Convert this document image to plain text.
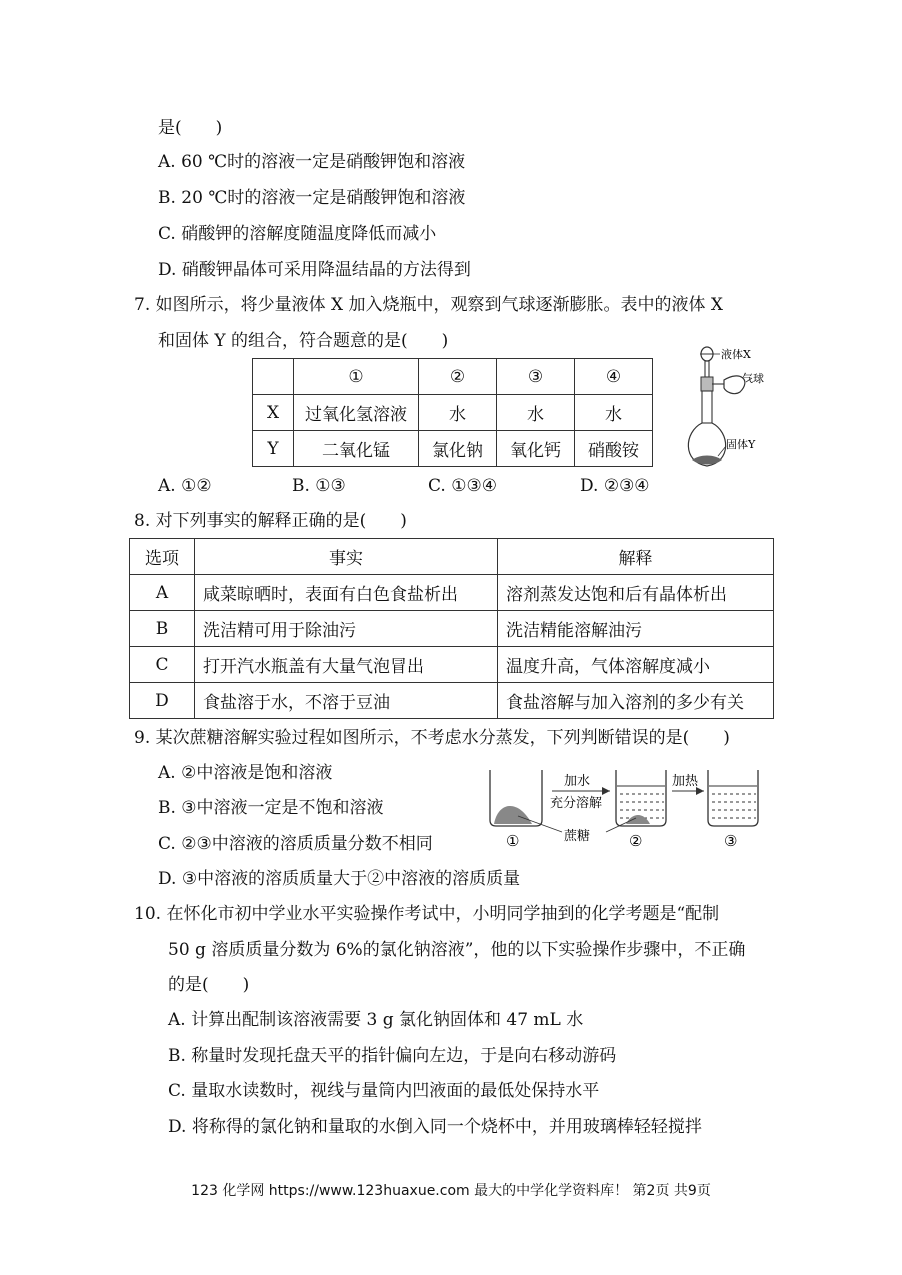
是(　　)
A. 60 ℃时的溶液一定是硝酸钾饱和溶液
B. 20 ℃时的溶液一定是硝酸钾饱和溶液
C. 硝酸钾的溶解度随温度降低而减小
D. 硝酸钾晶体可采用降温结晶的方法得到
7. 如图所示，将少量液体 X 加入烧瓶中，观察到气球逐渐膨胀。表中的液体 X
和固体 Y 的组合，符合题意的是(　　)
	①	②	③	④
X	过氧化氢溶液	水	水	水
Y	二氧化锰	氯化钠	氧化钙	硝酸铵
液体X
气球
固体Y
A. ①②	B. ①③	C. ①③④	D. ②③④
8. 对下列事实的解释正确的是(　　)
选项	事实	解释
A	咸菜晾晒时，表面有白色食盐析出	溶剂蒸发达饱和后有晶体析出
B	洗洁精可用于除油污	洗洁精能溶解油污
C	打开汽水瓶盖有大量气泡冒出	温度升高，气体溶解度减小
D	食盐溶于水，不溶于豆油	食盐溶解与加入溶剂的多少有关
9. 某次蔗糖溶解实验过程如图所示，不考虑水分蒸发，下列判断错误的是(　　)
A. ②中溶液是饱和溶液
B. ③中溶液一定是不饱和溶液
C. ②③中溶液的溶质质量分数不相同
D. ③中溶液的溶质质量大于②中溶液的溶质质量
加水
充分溶解
加热
蔗糖
①	②	③
10. 在怀化市初中学业水平实验操作考试中，小明同学抽到的化学考题是“配制
50 g 溶质质量分数为 6%的氯化钠溶液”，他的以下实验操作步骤中，不正确
的是(　　)
A. 计算出配制该溶液需要 3 g 氯化钠固体和 47 mL 水
B. 称量时发现托盘天平的指针偏向左边，于是向右移动游码
C. 量取水读数时，视线与量筒内凹液面的最低处保持水平
D. 将称得的氯化钠和量取的水倒入同一个烧杯中，并用玻璃棒轻轻搅拌
123 化学网 https://www.123huaxue.com 最大的中学化学资料库！ 第2页 共9页
